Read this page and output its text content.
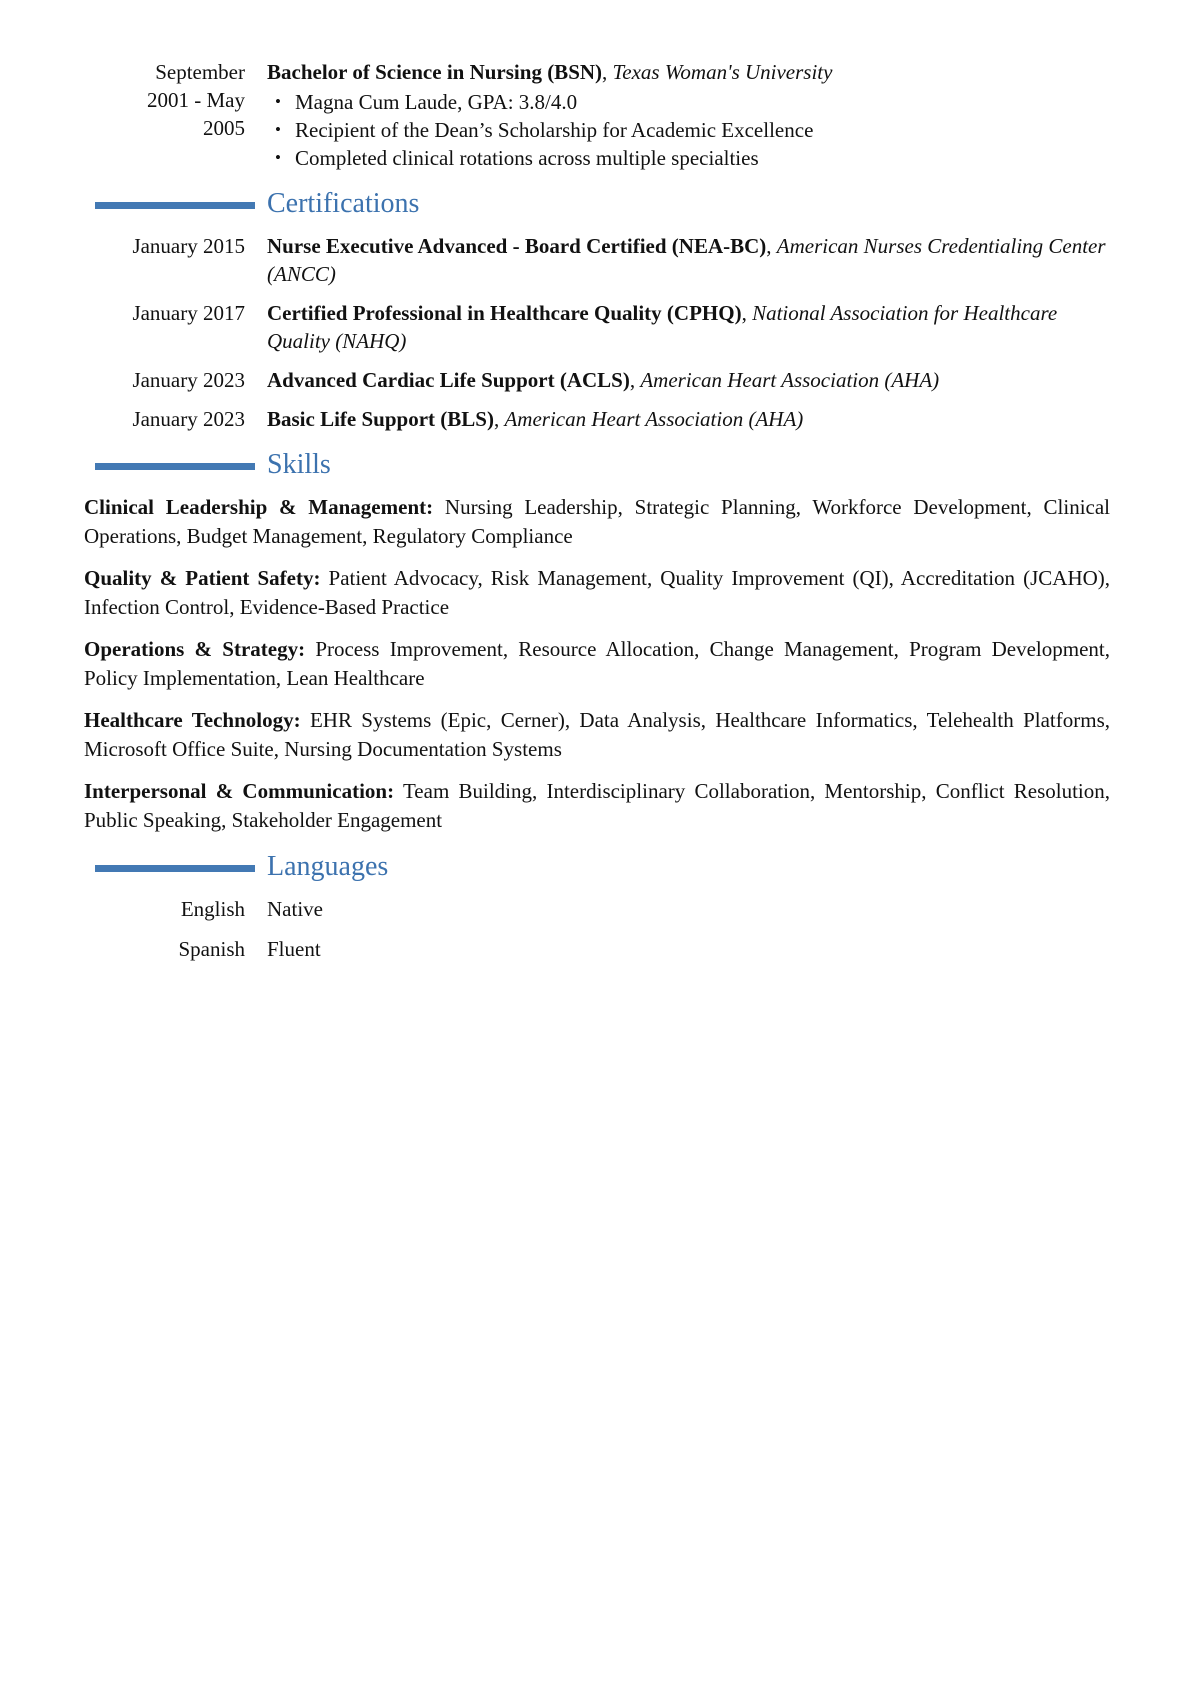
September 2001 - May 2005
Bachelor of Science in Nursing (BSN), Texas Woman's University
• Magna Cum Laude, GPA: 3.8/4.0
• Recipient of the Dean’s Scholarship for Academic Excellence
• Completed clinical rotations across multiple specialties
Certifications
January 2015 Nurse Executive Advanced - Board Certified (NEA-BC), American Nurses Credentialing Center (ANCC)
January 2017 Certified Professional in Healthcare Quality (CPHQ), National Association for Healthcare Quality (NAHQ)
January 2023 Advanced Cardiac Life Support (ACLS), American Heart Association (AHA)
January 2023 Basic Life Support (BLS), American Heart Association (AHA)
Skills

Clinical Leadership & Management: Nursing Leadership, Strategic Planning, Workforce Development, Clinical Operations, Budget Management, Regulatory Compliance

Quality & Patient Safety: Patient Advocacy, Risk Management, Quality Improvement (QI), Accreditation (JCAHO), Infection Control, Evidence-Based Practice

Operations & Strategy: Process Improvement, Resource Allocation, Change Management, Program Development, Policy Implementation, Lean Healthcare

Healthcare Technology: EHR Systems (Epic, Cerner), Data Analysis, Healthcare Informatics, Telehealth Platforms, Microsoft Office Suite, Nursing Documentation Systems

Interpersonal & Communication: Team Building, Interdisciplinary Collaboration, Mentorship, Conflict Resolution, Public Speaking, Stakeholder Engagement

Languages
English Native
Spanish Fluent
